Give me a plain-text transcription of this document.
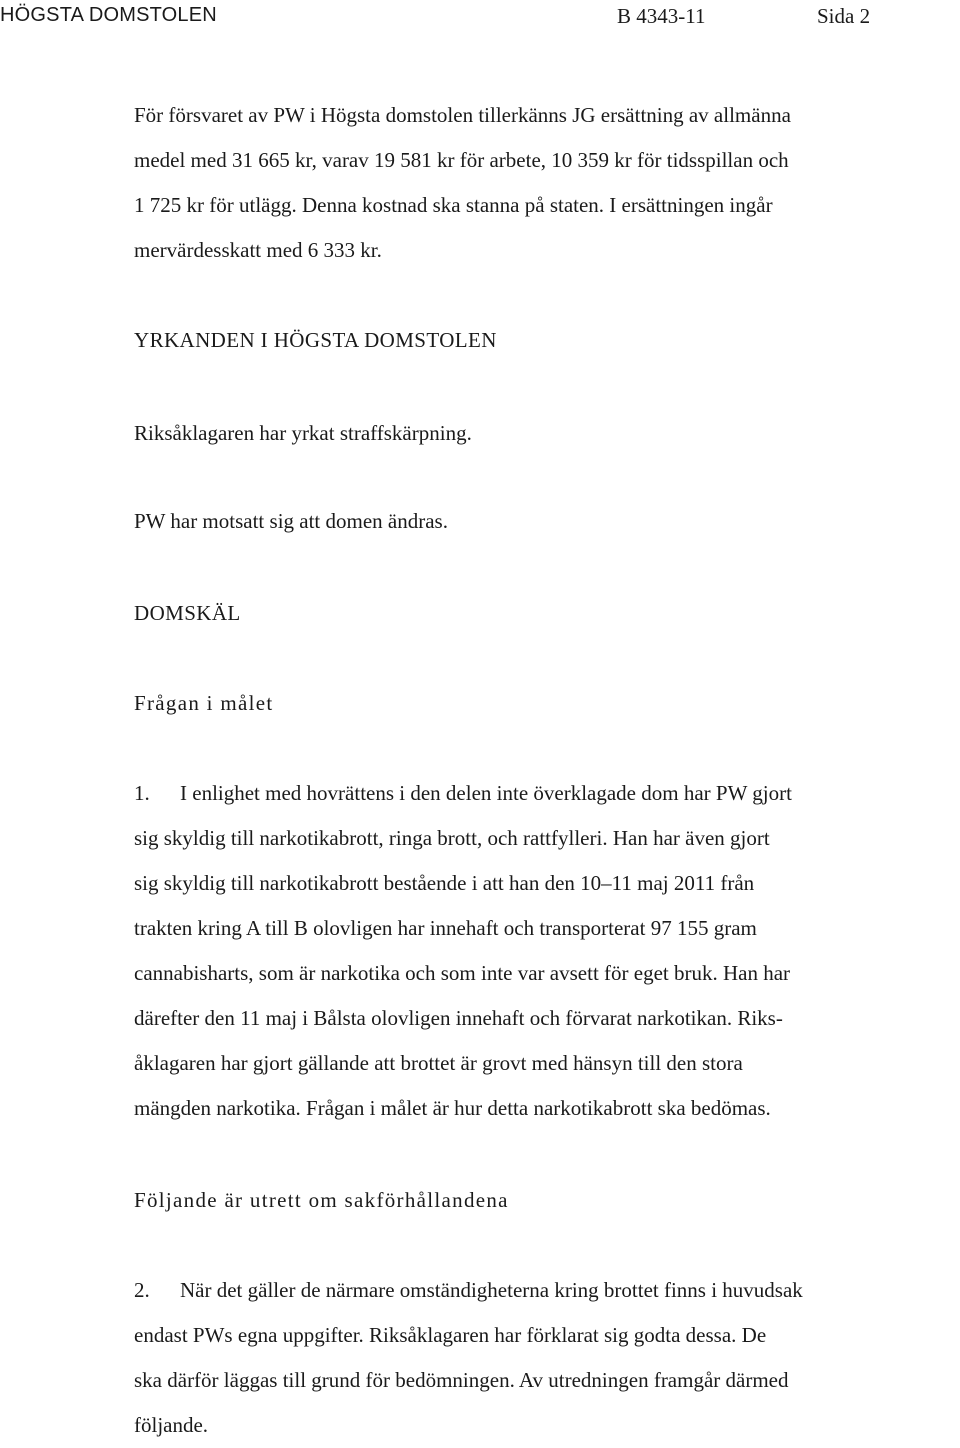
HÖGSTA DOMSTOLEN	B 4343-11	Sida 2
För försvaret av PW i Högsta domstolen tillerkänns JG ersättning av allmänna
medel med 31 665 kr, varav 19 581 kr för arbete, 10 359 kr för tidsspillan och
1 725 kr för utlägg. Denna kostnad ska stanna på staten. I ersättningen ingår
mervärdesskatt med 6 333 kr.
YRKANDEN I HÖGSTA DOMSTOLEN
Riksåklagaren har yrkat straffskärpning.
PW har motsatt sig att domen ändras.
DOMSKÄL
Frågan i målet
1. I enlighet med hovrättens i den delen inte överklagade dom har PW gjort
sig skyldig till narkotikabrott, ringa brott, och rattfylleri. Han har även gjort
sig skyldig till narkotikabrott bestående i att han den 10–11 maj 2011 från
trakten kring A till B olovligen har innehaft och transporterat 97 155 gram
cannabisharts, som är narkotika och som inte var avsett för eget bruk. Han har
därefter den 11 maj i Bålsta olovligen innehaft och förvarat narkotikan. Riks-
åklagaren har gjort gällande att brottet är grovt med hänsyn till den stora
mängden narkotika. Frågan i målet är hur detta narkotikabrott ska bedömas.
Följande är utrett om sakförhållandena
2. När det gäller de närmare omständigheterna kring brottet finns i huvudsak
endast PWs egna uppgifter. Riksåklagaren har förklarat sig godta dessa. De
ska därför läggas till grund för bedömningen. Av utredningen framgår därmed
följande.
